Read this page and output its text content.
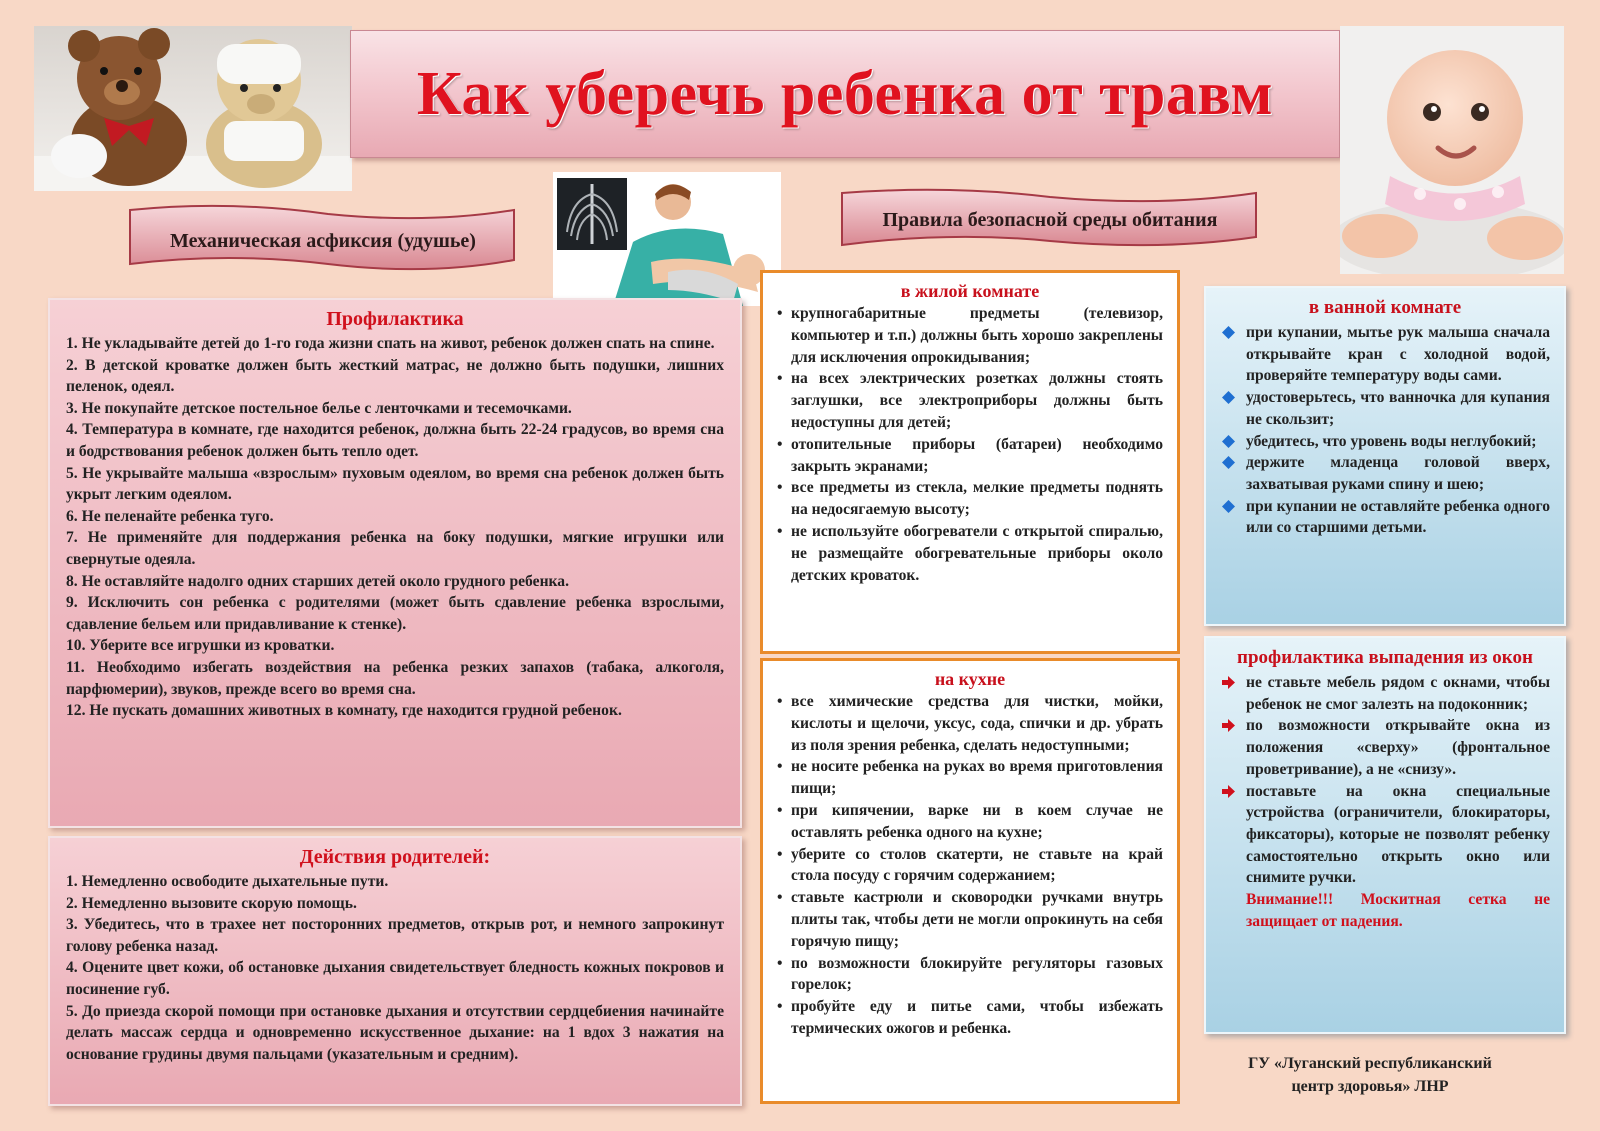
Как уберечь ребенка от травм
Механическая асфиксия (удушье)
Правила безопасной среды обитания
Профилактика

1. Не укладывайте детей до 1-го года жизни спать на живот, ребенок должен спать на спине.

2. В детской кроватке должен быть жесткий матрас, не должно быть подушки, лишних пеленок, одеял.

3. Не покупайте детское постельное белье с ленточками и тесемочками.

4. Температура в комнате, где находится ребенок, должна быть 22-24 градусов, во время сна и бодрствования ребенок должен быть тепло одет.

5. Не укрывайте малыша «взрослым» пуховым одеялом, во время сна ребенок должен быть укрыт легким одеялом.

6. Не пеленайте ребенка туго.

7. Не применяйте для поддержания ребенка на боку подушки, мягкие игрушки или свернутые одеяла.

8. Не оставляйте надолго одних старших детей около грудного ребенка.

9. Исключить сон ребенка с родителями (может быть сдавление ребенка взрослыми, сдавление бельем или придавливание к стенке).

10. Уберите все игрушки из кроватки.

11. Необходимо избегать воздействия на ребенка резких запахов (табака, алкоголя, парфюмерии), звуков, прежде всего во время сна.

12. Не пускать домашних животных в комнату, где находится грудной ребенок.

Действия родителей:

1. Немедленно освободите дыхательные пути.

2. Немедленно вызовите скорую помощь.

3. Убедитесь, что в трахее нет посторонних предметов, открыв рот, и немного запрокинут голову ребенка назад.

4. Оцените цвет кожи, об остановке дыхания свидетельствует бледность кожных покровов и посинение губ.

5. До приезда скорой помощи при остановке дыхания и отсутствии сердцебиения начинайте делать массаж сердца и одновременно искусственное дыхание: на 1 вдох 3 нажатия на основание грудины двумя пальцами (указательным и средним).

в жилой комнате
• крупногабаритные предметы (телевизор, компьютер и т.п.) должны быть хорошо закреплены для исключения опрокидывания;
• на всех электрических розетках должны стоять заглушки, все электроприборы должны быть недоступны для детей;
• отопительные приборы (батареи) необходимо закрыть экранами;
• все предметы из стекла, мелкие предметы поднять на недосягаемую высоту;
• не используйте обогреватели с открытой спиралью, не размещайте обогревательные приборы около детских кроваток.
на кухне
• все химические средства для чистки, мойки, кислоты и щелочи, уксус, сода, спички и др. убрать из поля зрения ребенка, сделать недоступными;
• не носите ребенка на руках во время приготовления пищи;
• при кипячении, варке ни в коем случае не оставлять ребенка одного на кухне;
• уберите со столов скатерти, не ставьте на край стола посуду с горячим содержанием;
• ставьте кастрюли и сковородки ручками внутрь плиты так, чтобы дети не могли опрокинуть на себя горячую пищу;
• по возможности блокируйте регуляторы газовых горелок;
• пробуйте еду и питье сами, чтобы избежать термических ожогов и ребенка.
в ванной комнате
при купании, мытье рук малыша сначала открывайте кран с холодной водой, проверяйте температуру воды сами.
удостоверьтесь, что ванночка для купания не скользит;
убедитесь, что уровень воды неглубокий;
держите младенца головой вверх, захватывая руками спину и шею;
при купании не оставляйте ребенка одного или со старшими детьми.
профилактика выпадения из окон
не ставьте мебель рядом с окнами, чтобы ребенок не смог залезть на подоконник;
по возможности открывайте окна из положения «сверху» (фронтальное проветривание), а не «снизу».
поставьте на окна специальные устройства (ограничители, блокираторы, фиксаторы), которые не позволят ребенку самостоятельно открыть окно или снимите ручки.
Внимание!!! Москитная сетка не защищает от падения.
ГУ «Луганский республиканский
центр здоровья» ЛНР
